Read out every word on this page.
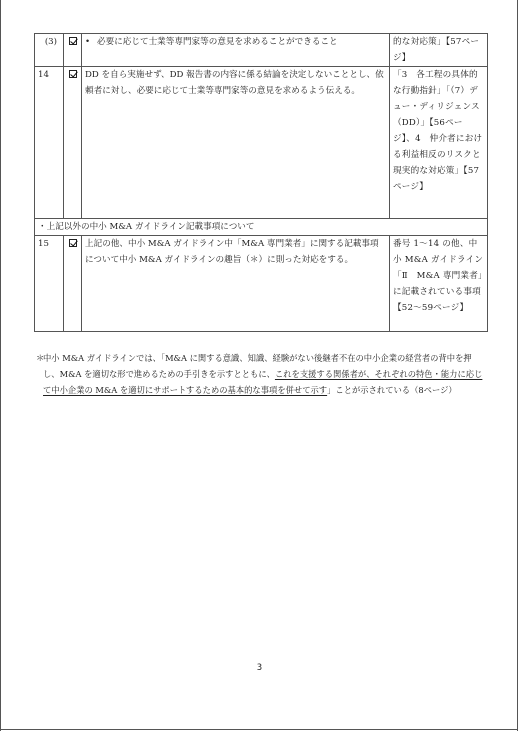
(3)		• 必要に応じて士業等専門家等の意見を求めることができること	的な対応策」【57ページ】
14		DD を自ら実施せず、DD 報告書の内容に係る結論を決定しないこととし、依頼者に対し、必要に応じて士業等専門家等の意見を求めるよう伝える。	「3　各工程の具体的な行動指針」「（7）デュー・ディリジェンス（DD）」【56ページ】、4　仲介者における利益相反のリスクと現実的な対応策」【57ページ】
・上記以外の中小 M&A ガイドライン記載事項について			
15		上記の他、中小 M&A ガイドライン中「M&A 専門業者」に関する記載事項について中小 M&A ガイドラインの趣旨（＊）に則った対応をする。	番号 1～14 の他、中小 M&A ガイドライン「Ⅱ　M&A 専門業者」に記載されている事項【52～59ページ】
＊
中小 M&A ガイドラインでは、「M&A に関する意識、知識、経験がない後継者不在の中小企業の経営者の背中を押し、M&A を適切な形で進めるための手引きを示すとともに、これを支援する関係者が、それぞれの特色・能力に応じて中小企業の M&A を適切にサポートするための基本的な事項を併せて示す」ことが示されている（8ページ）
3
